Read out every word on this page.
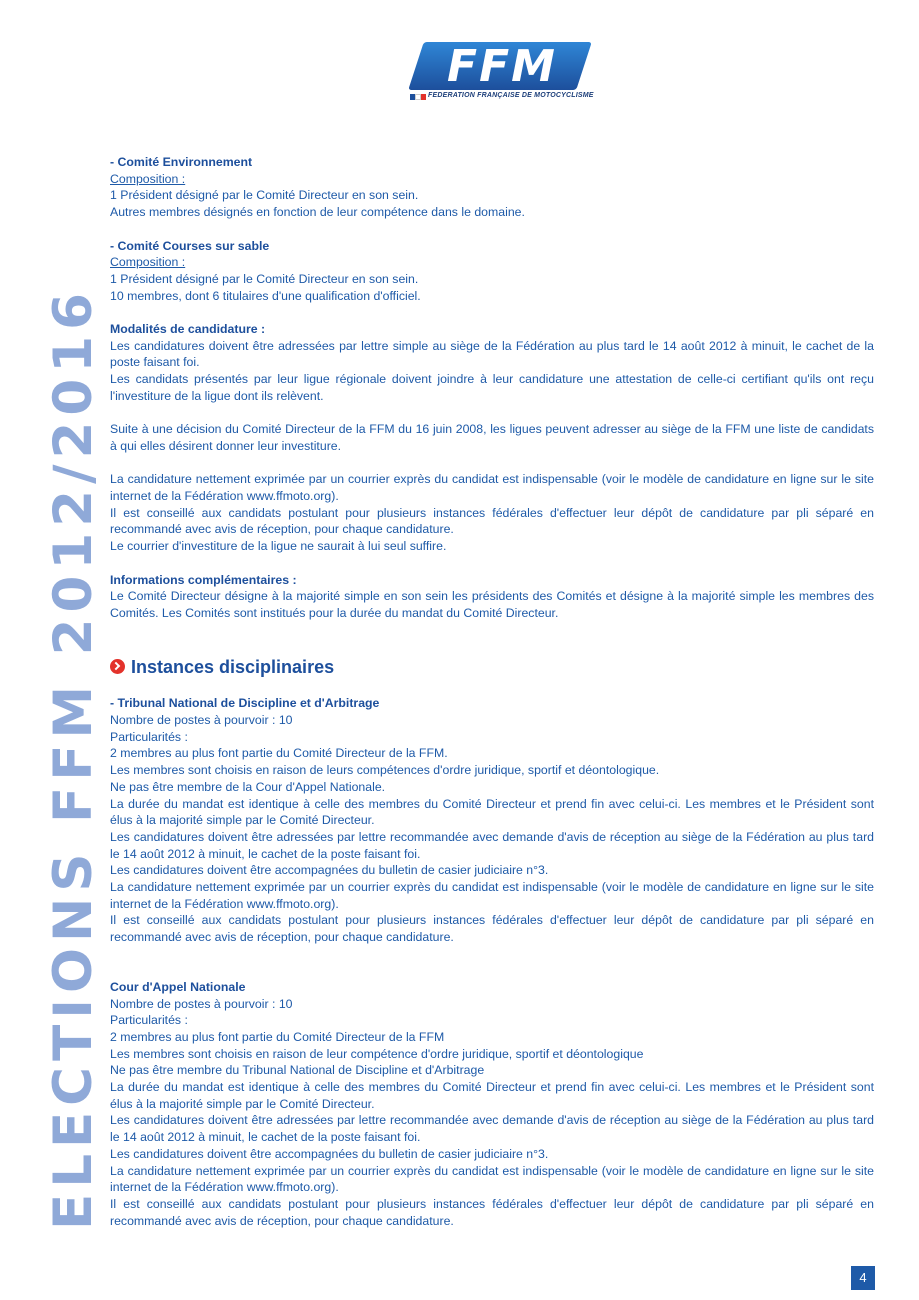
ELECTIONS FFM 2012/2016
FFM
FEDERATION FRANÇAISE DE MOTOCYCLISME

- Comité Environnement

Composition :

1 Président désigné par le Comité Directeur en son sein.

Autres membres désignés en fonction de leur compétence dans le domaine.

- Comité Courses sur sable

Composition :

1 Président désigné par le Comité Directeur en son sein.

10 membres, dont 6 titulaires d'une qualification d'officiel.

Modalités de candidature :

Les candidatures doivent être adressées par lettre simple au siège de la Fédération au plus tard le 14 août 2012 à minuit, le cachet de la poste faisant foi.

Les candidats présentés par leur ligue régionale doivent joindre à leur candidature une attestation de celle-ci certifiant qu'ils ont reçu l'investiture de la ligue dont ils relèvent.

Suite à une décision du Comité Directeur de la FFM du 16 juin 2008, les ligues peuvent adresser au siège de la FFM une liste de candidats à qui elles désirent donner leur investiture.

La candidature nettement exprimée par un courrier exprès du candidat est indispensable (voir le modèle de candidature en ligne sur le site internet de la Fédération www.ffmoto.org).

Il est conseillé aux candidats postulant pour plusieurs instances fédérales d'effectuer leur dépôt de candidature par pli séparé en recommandé avec avis de réception, pour chaque candidature.

Le courrier d'investiture de la ligue ne saurait à lui seul suffire.

Informations complémentaires :

Le Comité Directeur désigne à la majorité simple en son sein les présidents des Comités et désigne à la majorité simple les membres des Comités. Les Comités sont institués pour la durée du mandat du Comité Directeur.

Instances disciplinaires

- Tribunal National de Discipline et d'Arbitrage

Nombre de postes à pourvoir : 10

Particularités :

2 membres au plus font partie du Comité Directeur de la FFM.

Les membres sont choisis en raison de leurs compétences d'ordre juridique, sportif et déontologique.

Ne pas être membre de la Cour d'Appel Nationale.

La durée du mandat est identique à celle des membres du Comité Directeur et prend fin avec celui-ci. Les membres et le Président sont élus à la majorité simple par le Comité Directeur.

Les candidatures doivent être adressées par lettre recommandée avec demande d'avis de réception au siège de la Fédération au plus tard le 14 août 2012 à minuit, le cachet de la poste faisant foi.

Les candidatures doivent être accompagnées du bulletin de casier judiciaire n°3.

La candidature nettement exprimée par un courrier exprès du candidat est indispensable (voir le modèle de candidature en ligne sur le site internet de la Fédération www.ffmoto.org).

Il est conseillé aux candidats postulant pour plusieurs instances fédérales d'effectuer leur dépôt de candidature par pli séparé en recommandé avec avis de réception, pour chaque candidature.

Cour d'Appel Nationale

Nombre de postes à pourvoir : 10

Particularités :

2 membres au plus font partie du Comité Directeur de la FFM

Les membres sont choisis en raison de leur compétence d'ordre juridique, sportif et déontologique

Ne pas être membre du Tribunal National de Discipline et d'Arbitrage

La durée du mandat est identique à celle des membres du Comité Directeur et prend fin avec celui-ci. Les membres et le Président sont élus à la majorité simple par le Comité Directeur.

Les candidatures doivent être adressées par lettre recommandée avec demande d'avis de réception au siège de la Fédération au plus tard le 14 août 2012 à minuit, le cachet de la poste faisant foi.

Les candidatures doivent être accompagnées du bulletin de casier judiciaire n°3.

La candidature nettement exprimée par un courrier exprès du candidat est indispensable (voir le modèle de candidature en ligne sur le site internet de la Fédération www.ffmoto.org).

Il est conseillé aux candidats postulant pour plusieurs instances fédérales d'effectuer leur dépôt de candidature par pli séparé en recommandé avec avis de réception, pour chaque candidature.

4
